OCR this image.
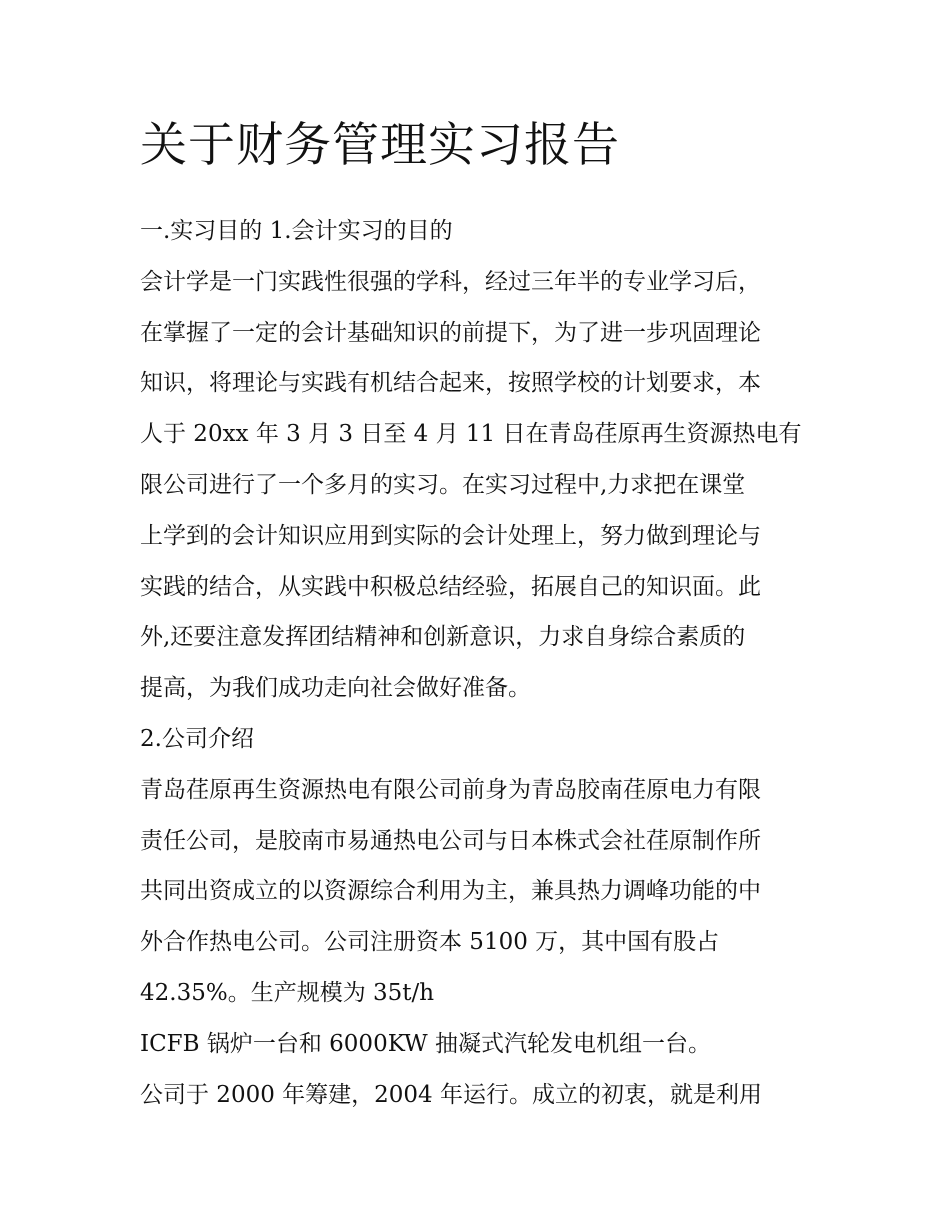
关于财务管理实习报告

一.实习目的 1.会计实习的目的

会计学是一门实践性很强的学科，经过三年半的专业学习后，

在掌握了一定的会计基础知识的前提下，为了进一步巩固理论

知识，将理论与实践有机结合起来，按照学校的计划要求，本

人于 20xx 年 3 月 3 日至 4 月 11 日在青岛荏原再生资源热电有

限公司进行了一个多月的实习。在实习过程中,力求把在课堂

上学到的会计知识应用到实际的会计处理上，努力做到理论与

实践的结合，从实践中积极总结经验，拓展自己的知识面。此

外,还要注意发挥团结精神和创新意识，力求自身综合素质的

提高，为我们成功走向社会做好准备。

2.公司介绍

青岛荏原再生资源热电有限公司前身为青岛胶南荏原电力有限

责任公司，是胶南市易通热电公司与日本株式会社荏原制作所

共同出资成立的以资源综合利用为主，兼具热力调峰功能的中

外合作热电公司。公司注册资本 5100 万，其中国有股占

42.35%。生产规模为 35t/h

ICFB 锅炉一台和 6000KW 抽凝式汽轮发电机组一台。

公司于 2000 年筹建，2004 年运行。成立的初衷，就是利用
